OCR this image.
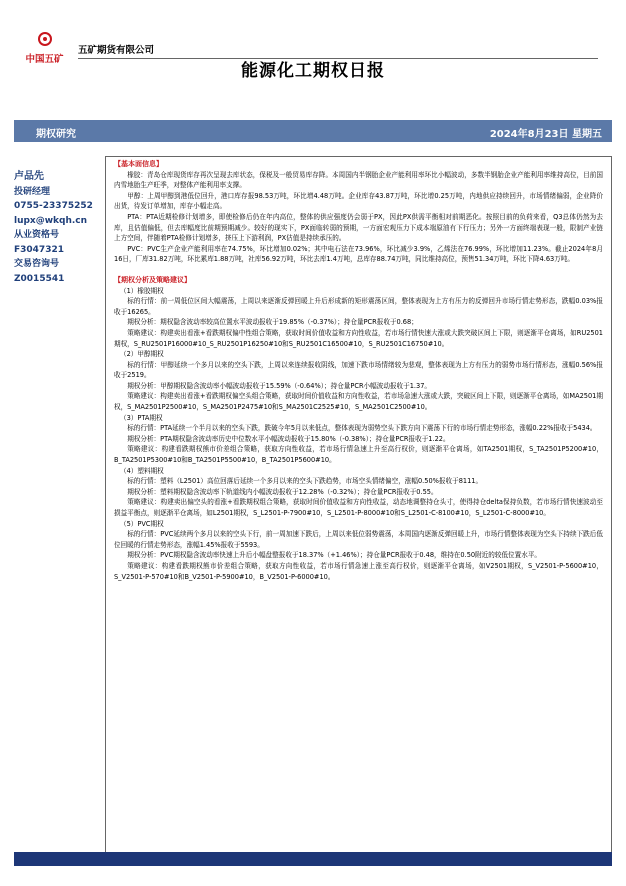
中国五矿
五矿期货有限公司
能源化工期权日报
期权研究	2024年8月23日 星期五
卢品先
投研经理
0755-23375252
lupx@wkqh.cn
从业资格号
F3047321
交易咨询号
Z0015541

【基本面信息】

橡胶：青岛仓库现货库存再次呈现去库状态，保税及一般贸易库存降。本周国内半钢胎企业产能利用率环比小幅波动，多数半钢胎企业产能利用率维持高位，目前国内雪地胎生产旺季，对整体产能利用率支撑。

甲醇：上周甲醇到港低位回升，港口库存报98.53万吨，环比增4.48万吨。企业库存43.87万吨，环比增0.25万吨，内地供应持续回升，市场情绪偏弱，企业降价出货，待发订单增加，库存小幅走高。

PTA：PTA近期检修计划增多，即使检修后仍在年内高位，整体的供应强度仍会弱于PX，因此PX供需平衡相对前期恶化。按照目前的负荷来看，Q3总体仍然为去库，且估值偏低，但去库幅度比前期预期减少。较好的现实下，PX面临转弱的预期，一方面宏观压力下成本端原油有下行压力；另外一方面终端表现一般，限制产业链上方空间，伴随着PTA检修计划增多，挤压上下游利润，PX估值是持续承压的。

PVC：PVC生产企业产能利用率在74.75%，环比增加0.02%；其中电石法在73.96%，环比减少3.9%，乙烯法在76.99%，环比增加11.23%。截止2024年8月16日，厂库31.82万吨，环比累库1.88万吨，社库56.92万吨，环比去库1.4万吨，总库存88.74万吨，同比维持高位，预售51.34万吨，环比下降4.63万吨。

【期权分析及策略建议】

（1）橡胶期权

标的行情：前一周低位区间大幅震荡，上周以来逐渐反弹回暖上升后形成新的矩形震荡区间，整体表现为上方有压力的反弹回升市场行情走势形态，跌幅0.03%报收于16265。

期权分析：期权隐含波动率较高位置水平波动报收于19.85%（-0.37%）；持仓量PCR报收于0.68；

策略建议：构建卖出看涨+看跌期权偏中性组合策略，获取时间价值收益和方向性收益，若市场行情快速大涨或大跌突破区间上下限，则逐渐平仓离场，如RU2501期权，S_RU2501P16000#10_S_RU2501P16250#10和S_RU2501C16500#10，S_RU2501C16750#10。

（2）甲醇期权

标的行情：甲醇延续一个多月以来的空头下跌，上周以来连续报收阴线，加速下跌市场情绪较为悲观，整体表现为上方有压力的弱势市场行情形态，涨幅0.56%报收于2519。

期权分析：甲醇期权隐含波动率小幅波动报收于15.59%（-0.64%）；持仓量PCR小幅波动报收于1.37。

策略建议：构建卖出看涨+看跌期权偏空头组合策略，获取时间价值收益和方向性收益，若市场急速大涨或大跌，突破区间上下限，则逐渐平仓离场，如MA2501期权，S_MA2501P2500#10，S_MA2501P2475#10和S_MA2501C2525#10，S_MA2501C2500#10。

（3）PTA期权

标的行情：PTA延续一个半月以来的空头下跌，跌破今年5月以来低点，整体表现为弱势空头下跌方向下震荡下行的市场行情走势形态，涨幅0.22%报收于5434。

期权分析：PTA期权隐含波动率历史中位数水平小幅波动报收于15.80%（-0.38%）；持仓量PCR报收于1.22。

策略建议：构建看跌期权熊市价差组合策略，获取方向性收益，若市场行情急速上升至高行权价，则逐渐平仓离场，如TA2501期权，S_TA2501P5200#10，B_TA2501P5300#10和B_TA2501P5500#10，B_TA2501P5600#10。

（4）塑料期权

标的行情：塑料（L2501）高位回落后延续一个多月以来的空头下跌趋势，市场空头情绪偏空，涨幅0.50%报收于8111。

期权分析：塑料期权隐含波动率下轨道线内小幅波动报收于12.28%（-0.32%）；持仓量PCR报收于0.55。

策略建议：构建卖出偏空头的看涨+看跌期权组合策略，获取时间价值收益和方向性收益，动态地调整持仓头寸，使得持仓delta保持负数，若市场行情快速波动至损益平衡点，则逐渐平仓离场，如L2501期权，S_L2501-P-7900#10，S_L2501-P-8000#10和S_L2501-C-8100#10，S_L2501-C-8000#10。

（5）PVC期权

标的行情：PVC延续两个多月以来的空头下行，前一周加速下跌后，上周以来低位弱势震荡，本周国内逐渐反弹回暖上升，市场行情整体表现为空头下持续下跌后低位回暖的行情走势形态，涨幅1.45%报收于5593。

期权分析：PVC期权隐含波动率快速上升后小幅盘整报收于18.37%（+1.46%）；持仓量PCR报收于0.48，维持在0.50附近的较低位置水平。

策略建议：构建看跌期权熊市价差组合策略，获取方向性收益，若市场行情急速上涨至高行权价，则逐渐平仓离场，如V2501期权，S_V2501-P-5600#10，S_V2501-P-570#10和B_V2501-P-5900#10，B_V2501-P-6000#10。
